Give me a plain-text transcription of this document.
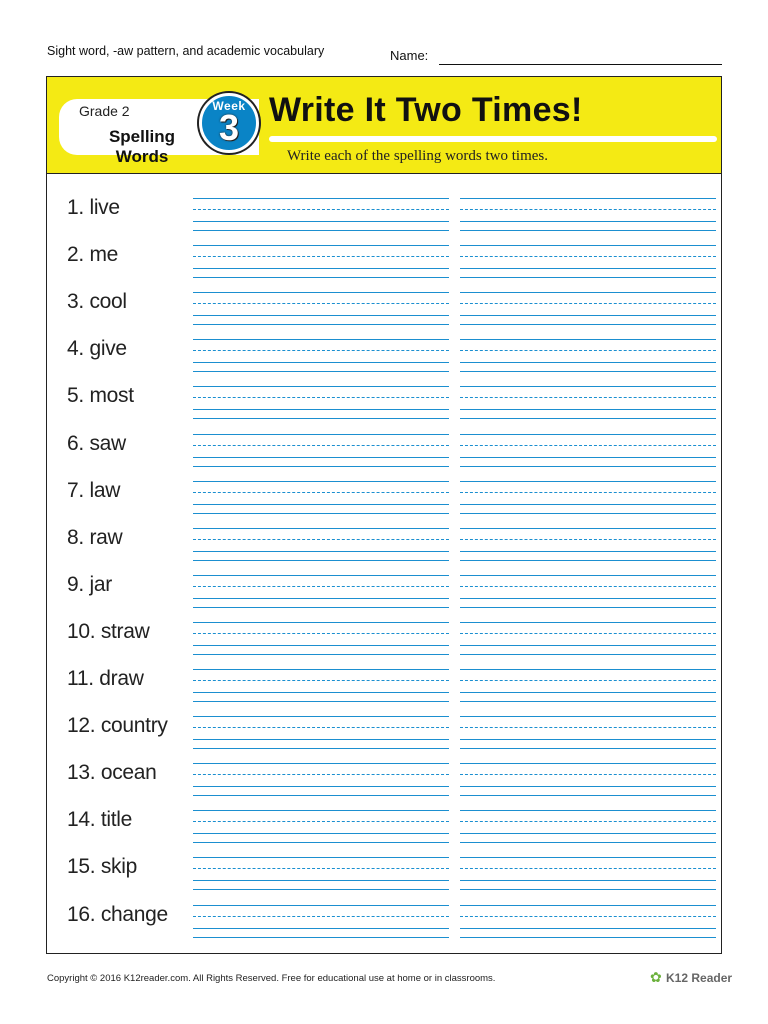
Sight word, -aw pattern, and academic vocabulary	Name:
Grade 2
Spelling
Words
Week
3 Write It Two Times!
Write each of the spelling words two times.
1. live
2. me
3. cool
4. give
5. most
6. saw
7. law
8. raw
9. jar
10. straw
11. draw
12. country
13. ocean
14. title
15. skip
16. change
Copyright © 2016 K12reader.com. All Rights Reserved. Free for educational use at home or in classrooms.	✿ K12 Reader
